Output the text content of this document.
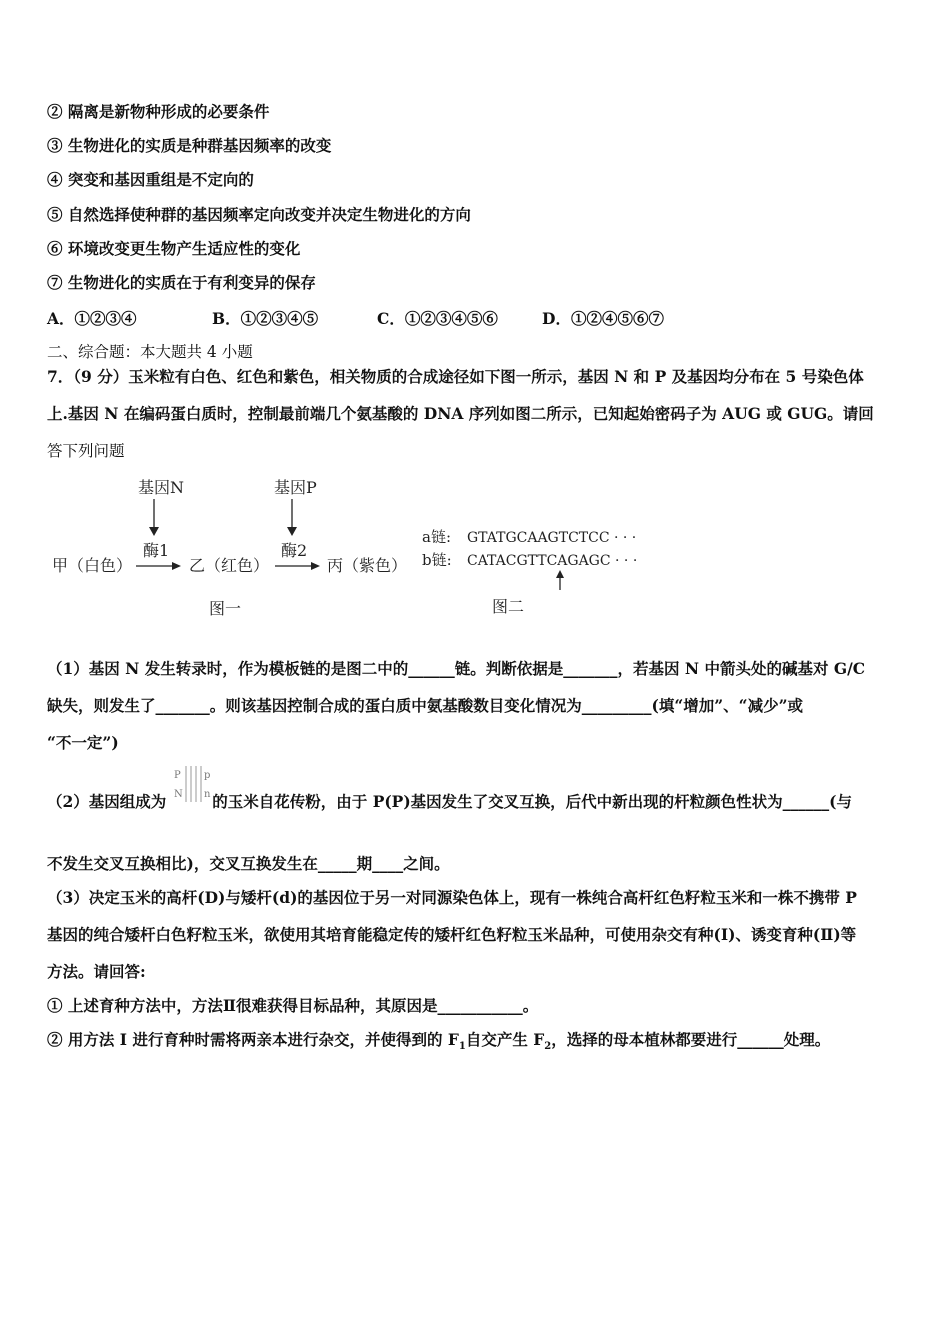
② 隔离是新物种形成的必要条件
③ 生物进化的实质是种群基因频率的改变
④ 突变和基因重组是不定向的
⑤ 自然选择使种群的基因频率定向改变并决定生物进化的方向
⑥ 环境改变更生物产生适应性的变化
⑦ 生物进化的实质在于有利变异的保存
A．①②③④	B．①②③④⑤	C．①②③④⑤⑥	D．①②④⑤⑥⑦
二、综合题：本大题共 4 小题
7．（9 分）玉米粒有白色、红色和紫色，相关物质的合成途径如下图一所示，基因 N 和 P 及基因均分布在 5 号染色体
上.基因 N 在编码蛋白质时，控制最前端几个氨基酸的 DNA 序列如图二所示，已知起始密码子为 AUG 或 GUG。请回
答下列问题
基因N	基因P
酶1	酶2
甲（白色）	乙（红色）	丙（紫色）
图一
a链: GTATGCAAGTCTCC · · ·
b链: CATACGTTCAGAGC · · ·
图二
（1）基因 N 发生转录时，作为模板链的是图二中的______链。判断依据是_______，若基因 N 中箭头处的碱基对 G/C
缺失，则发生了_______。则该基因控制合成的蛋白质中氨基酸数目变化情况为_________(填“增加”、“减少”或
“不一定”)
（2）基因组成为	的玉米自花传粉，由于 P(P)基因发生了交叉互换，后代中新出现的杆粒颜色性状为______(与
P
N
p
n
不发生交叉互换相比)，交叉互换发生在_____期____之间。
（3）决定玉米的高杆(D)与矮杆(d)的基因位于另一对同源染色体上，现有一株纯合高杆红色籽粒玉米和一株不携带 P
基因的纯合矮杆白色籽粒玉米，欲使用其培育能稳定传的矮杆红色籽粒玉米品种，可使用杂交有种(I)、诱变育种(Ⅱ)等
方法。请回答:
① 上述育种方法中，方法Ⅱ很难获得目标品种，其原因是___________。
② 用方法 I 进行育种时需将两亲本进行杂交，并使得到的 $F_1$自交产生 $F_2$，选择的母本植林都要进行______处理。
